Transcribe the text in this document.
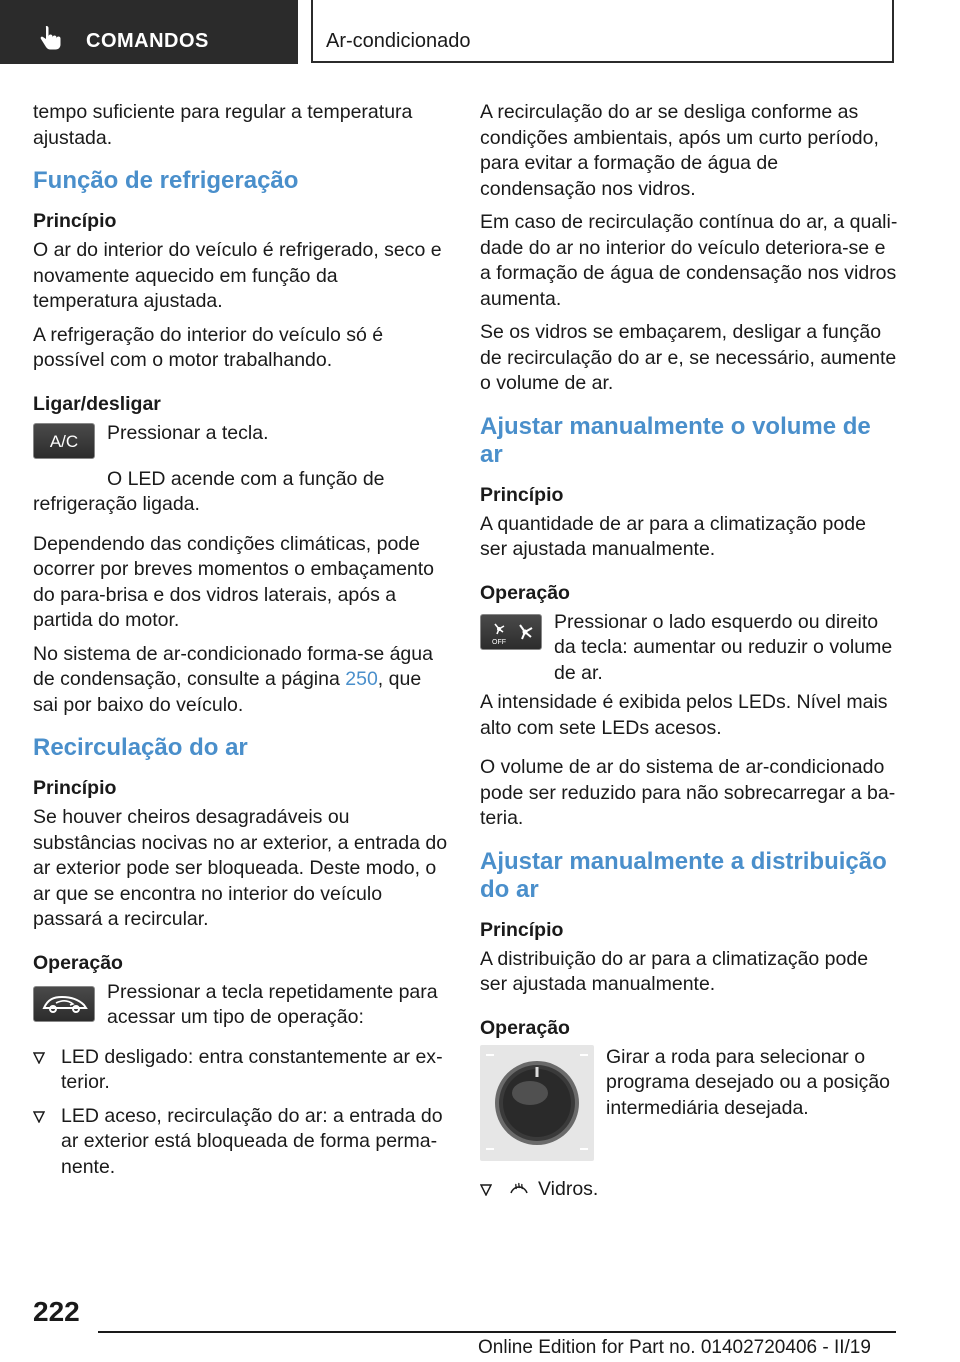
COMANDOS	Ar-condicionado

tempo suficiente para regular a temperatura ajustada.

Função de refrigeração
Princípio

O ar do interior do veículo é refrigerado, seco e novamente aquecido em função da temperatura ajustada.

A refrigeração do interior do veículo só é possível com o motor trabalhando.

Ligar/desligar
A/C	Pressionar a tecla.

O LED acende com a função de refrigeração ligada.

Dependendo das condições climáticas, pode ocorrer por breves momentos o embaçamento do para-brisa e dos vidros laterais, após a partida do motor.

No sistema de ar-condicionado forma-se água de condensação, consulte a página 250, que sai por baixo do veículo.

Recirculação do ar
Princípio

Se houver cheiros desagradáveis ou substâncias nocivas no ar exterior, a entrada do ar exterior pode ser bloqueada. Deste modo, o ar que se encontra no interior do veículo passará a recircular.

Operação

Pressionar a tecla repetidamente para acessar um tipo de operação:

LED desligado: entra constantemente ar exterior.
LED aceso, recirculação do ar: a entrada do ar exterior está bloqueada de forma permanente.

A recirculação do ar se desliga conforme as condições ambientais, após um curto período, para evitar a formação de água de condensação nos vidros.

Em caso de recirculação contínua do ar, a qualidade do ar no interior do veículo deteriora-se e a formação de água de condensação nos vidros aumenta.

Se os vidros se embaçarem, desligar a função de recirculação do ar e, se necessário, aumente o volume de ar.

Ajustar manualmente o volume de ar
Princípio

A quantidade de ar para a climatização pode ser ajustada manualmente.

Operação
OFF

Pressionar o lado esquerdo ou direito da tecla: aumentar ou reduzir o volume de ar.

A intensidade é exibida pelos LEDs. Nível mais alto com sete LEDs acesos.

O volume de ar do sistema de ar-condicionado pode ser reduzido para não sobrecarregar a bateria.

Ajustar manualmente a distribuição do ar
Princípio

A distribuição do ar para a climatização pode ser ajustada manualmente.

Operação

Girar a roda para selecionar o programa desejado ou a posição intermediária desejada.

Vidros.
222
Online Edition for Part no. 01402720406 - II/19
